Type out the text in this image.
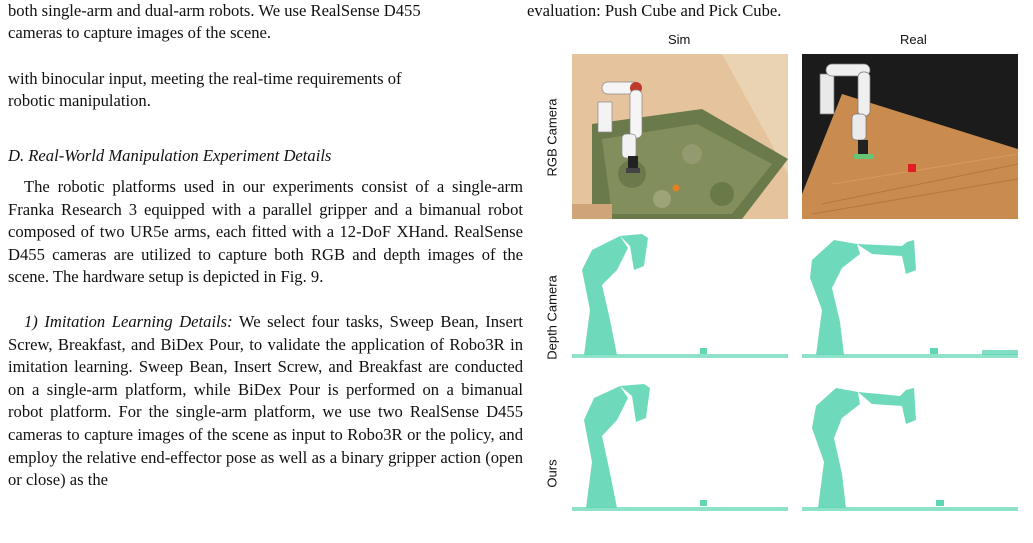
both single-arm and dual-arm robots. We use RealSense D455
cameras to capture images of the scene.
with binocular input, meeting the real-time requirements of
robotic manipulation.

D. Real-World Manipulation Experiment Details

The robotic platforms used in our experiments consist of a single-arm Franka Research 3 equipped with a parallel gripper and a bimanual robot composed of two UR5e arms, each fitted with a 12-DoF XHand. RealSense D455 cameras are utilized to capture both RGB and depth images of the scene. The hardware setup is depicted in Fig. 9.

1) Imitation Learning Details: We select four tasks, Sweep Bean, Insert Screw, Breakfast, and BiDex Pour, to validate the application of Robo3R in imitation learning. Sweep Bean, Insert Screw, and Breakfast are conducted on a single-arm platform, while BiDex Pour is performed on a bimanual robot platform. For the single-arm platform, we use two RealSense D455 cameras to capture images of the scene as input to Robo3R or the policy, and employ the relative end-effector pose as well as a binary gripper action (open or close) as the

evaluation: Push Cube and Pick Cube.
Sim	Real
RGB Camera
Depth Camera
Ours
